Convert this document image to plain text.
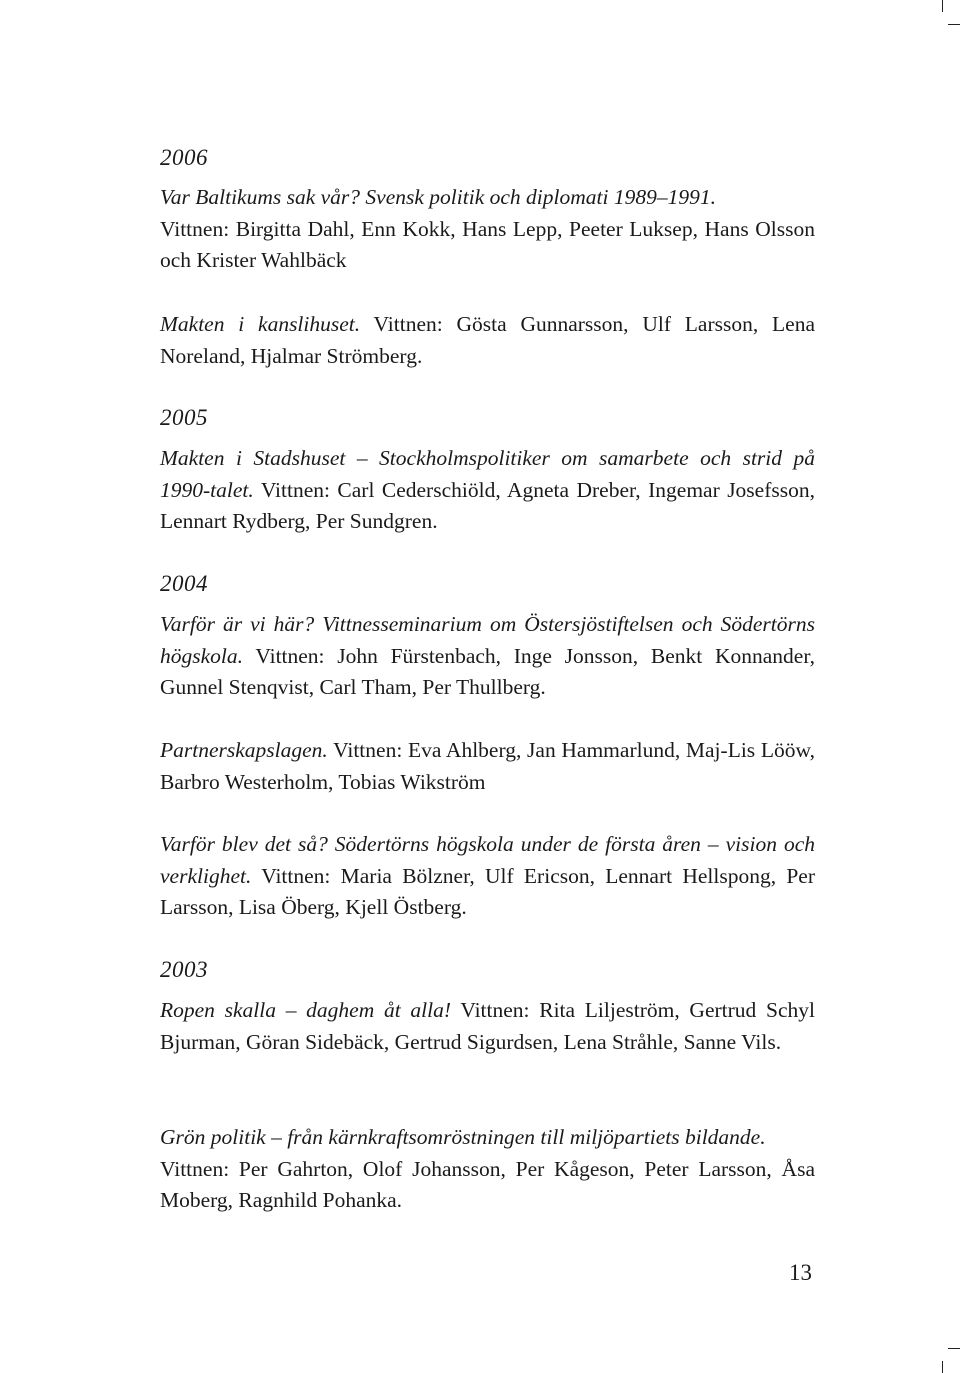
2006
Var Baltikums sak vår? Svensk politik och diplomati 1989–1991.
Vittnen: Birgitta Dahl, Enn Kokk, Hans Lepp, Peeter Luksep, Hans Olsson och Krister Wahlbäck
Makten i kanslihuset. Vittnen: Gösta Gunnarsson, Ulf Larsson, Lena Noreland, Hjalmar Strömberg.
2005
Makten i Stadshuset – Stockholmspolitiker om samarbete och strid på 1990-talet. Vittnen: Carl Cederschiöld, Agneta Dreber, Ingemar Josefsson, Lennart Rydberg, Per Sundgren.
2004
Varför är vi här? Vittnesseminarium om Östersjöstiftelsen och Södertörns högskola. Vittnen: John Fürstenbach, Inge Jonsson, Benkt Konnander, Gunnel Stenqvist, Carl Tham, Per Thullberg.
Partnerskapslagen. Vittnen: Eva Ahlberg, Jan Hammarlund, Maj-Lis Lööw, Barbro Westerholm, Tobias Wikström
Varför blev det så? Södertörns högskola under de första åren – vision och verklighet. Vittnen: Maria Bölzner, Ulf Ericson, Lennart Hellspong, Per Larsson, Lisa Öberg, Kjell Östberg.
2003
Ropen skalla – daghem åt alla! Vittnen: Rita Liljeström, Gertrud Schyl Bjurman, Göran Sidebäck, Gertrud Sigurdsen, Lena Stråhle, Sanne Vils.
Grön politik – från kärnkraftsomröstningen till miljöpartiets bildande.
Vittnen: Per Gahrton, Olof Johansson, Per Kågeson, Peter Larsson, Åsa Moberg, Ragnhild Pohanka.
13
